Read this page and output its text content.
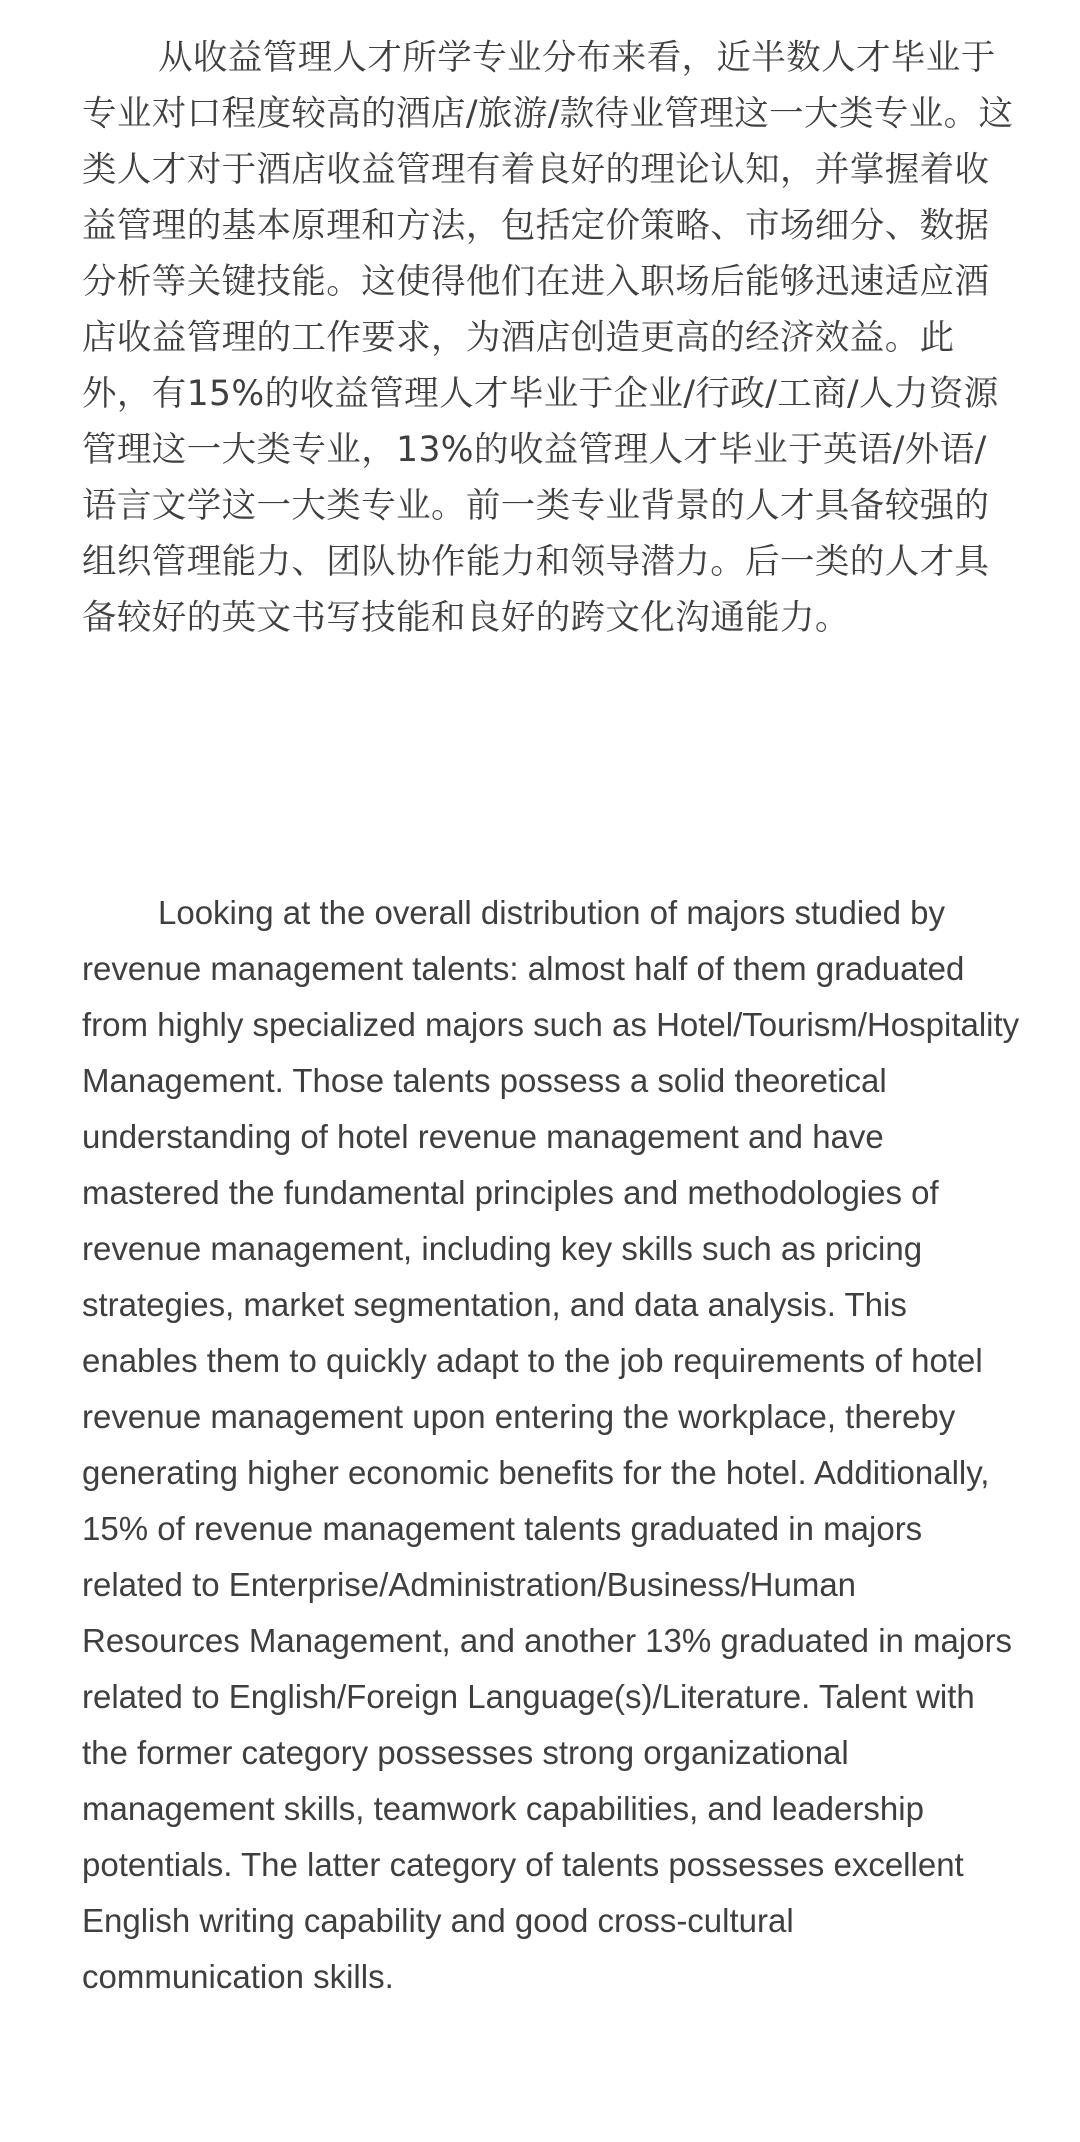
从收益管理人才所学专业分布来看，近半数人才毕业于专业对口程度较高的酒店/旅游/款待业管理这一大类专业。这类人才对于酒店收益管理有着良好的理论认知，并掌握着收益管理的基本原理和方法，包括定价策略、市场细分、数据分析等关键技能。这使得他们在进入职场后能够迅速适应酒店收益管理的工作要求，为酒店创造更高的经济效益。此外，有15%的收益管理人才毕业于企业/行政/工商/人力资源管理这一大类专业，13%的收益管理人才毕业于英语/外语/语言文学这一大类专业。前一类专业背景的人才具备较强的组织管理能力、团队协作能力和领导潜力。后一类的人才具备较好的英文书写技能和良好的跨文化沟通能力。

Looking at the overall distribution of majors studied by revenue management talents: almost half of them graduated from highly specialized majors such as Hotel/Tourism/Hospitality Management. Those talents possess a solid theoretical understanding of hotel revenue management and have mastered the fundamental principles and methodologies of revenue management, including key skills such as pricing strategies, market segmentation, and data analysis. This enables them to quickly adapt to the job requirements of hotel revenue management upon entering the workplace, thereby generating higher economic benefits for the hotel. Additionally, 15% of revenue management talents graduated in majors related to Enterprise/Administration/Business/Human Resources Management, and another 13% graduated in majors related to English/Foreign Language(s)/Literature. Talent with the former category possesses strong organizational management skills, teamwork capabilities, and leadership potentials. The latter category of talents possesses excellent English writing capability and good cross-cultural communication skills.
